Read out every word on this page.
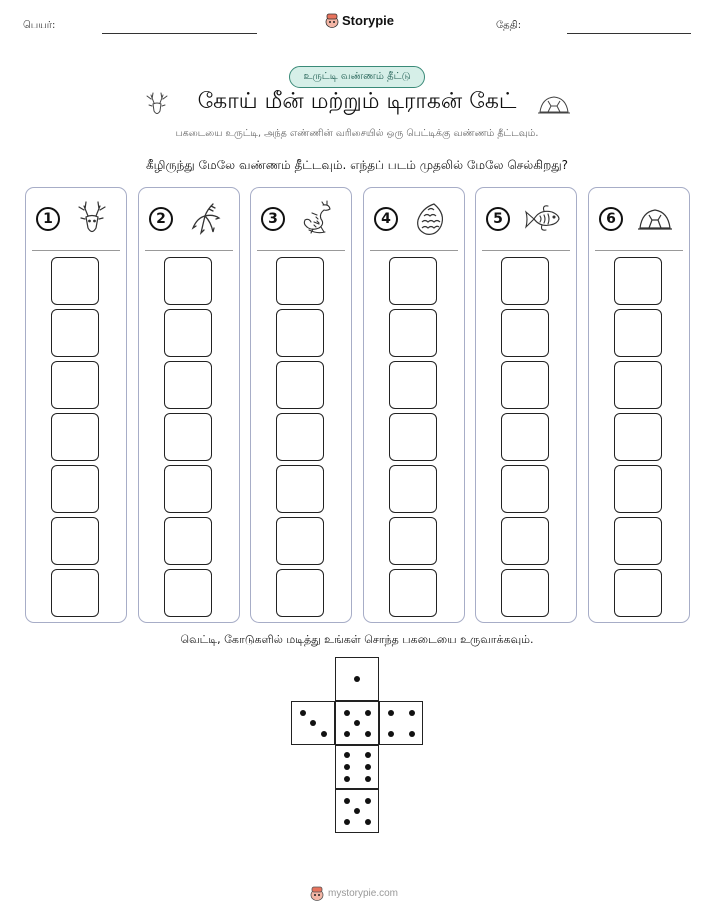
பெயர்:	Storypie	தேதி:
உருட்டி வண்ணம் தீட்டு
கோய் மீன் மற்றும் டிராகன் கேட்
பகடையை உருட்டி, அந்த எண்ணின் வரிசையில் ஒரு பெட்டிக்கு வண்ணம் தீட்டவும்.
கீழிருந்து மேலே வண்ணம் தீட்டவும். எந்தப் படம் முதலில் மேலே செல்கிறது?
1	2	3	4	5	6
வெட்டி, கோடுகளில் மடித்து உங்கள் சொந்த பகடையை உருவாக்கவும்.
mystorypie.com
